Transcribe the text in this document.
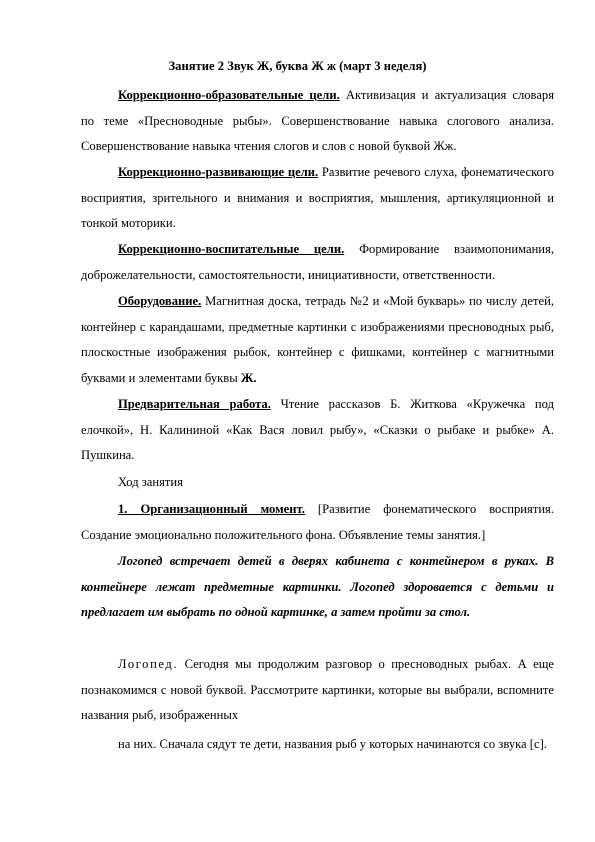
Занятие 2 Звук Ж, буква Ж ж (март 3 неделя)

Коррекционно-образовательные цели. Активизация и актуализация словаря по теме «Пресноводные рыбы». Совершенствование навыка слогового анализа. Совершенствование навыка чтения слогов и слов с новой буквой Жж.

Коррекционно-развивающие цели. Развитие речевого слуха, фонематического восприятия, зрительного и внимания и восприятия, мышления, артикуляционной и тонкой моторики.

Коррекционно-воспитательные цели. Формирование взаимопонимания, доброжелательности, самостоятельности, инициативности, ответственности.

Оборудование. Магнитная доска, тетрадь №2 и «Мой букварь» по числу детей, контейнер с карандашами, предметные картинки с изображениями пресноводных рыб, плоскостные изображения рыбок, контейнер с фишками, контейнер с магнитными буквами и элементами буквы Ж.

Предварительная работа. Чтение рассказов Б. Житкова «Кружечка под елочкой», Н. Калининой «Как Вася ловил рыбу», «Сказки о рыбаке и рыбке» А. Пушкина.

Ход занятия

1. Организационный момент. [Развитие фонематического восприятия. Создание эмоционально положительного фона. Объявление темы занятия.]

Логопед встречает детей в дверях кабинета с контейнером в руках. В контейнере лежат предметные картинки. Логопед здоровается с детьми и предлагает им выбрать по одной картинке, а затем пройти за стол.

Логопед. Сегодня мы продолжим разговор о пресноводных рыбах. А еще познакомимся с новой буквой. Рассмотрите картинки, которые вы выбрали, вспомните названия рыб, изображенных

на них. Сначала сядут те дети, названия рыб у которых начинаются со звука [с].
